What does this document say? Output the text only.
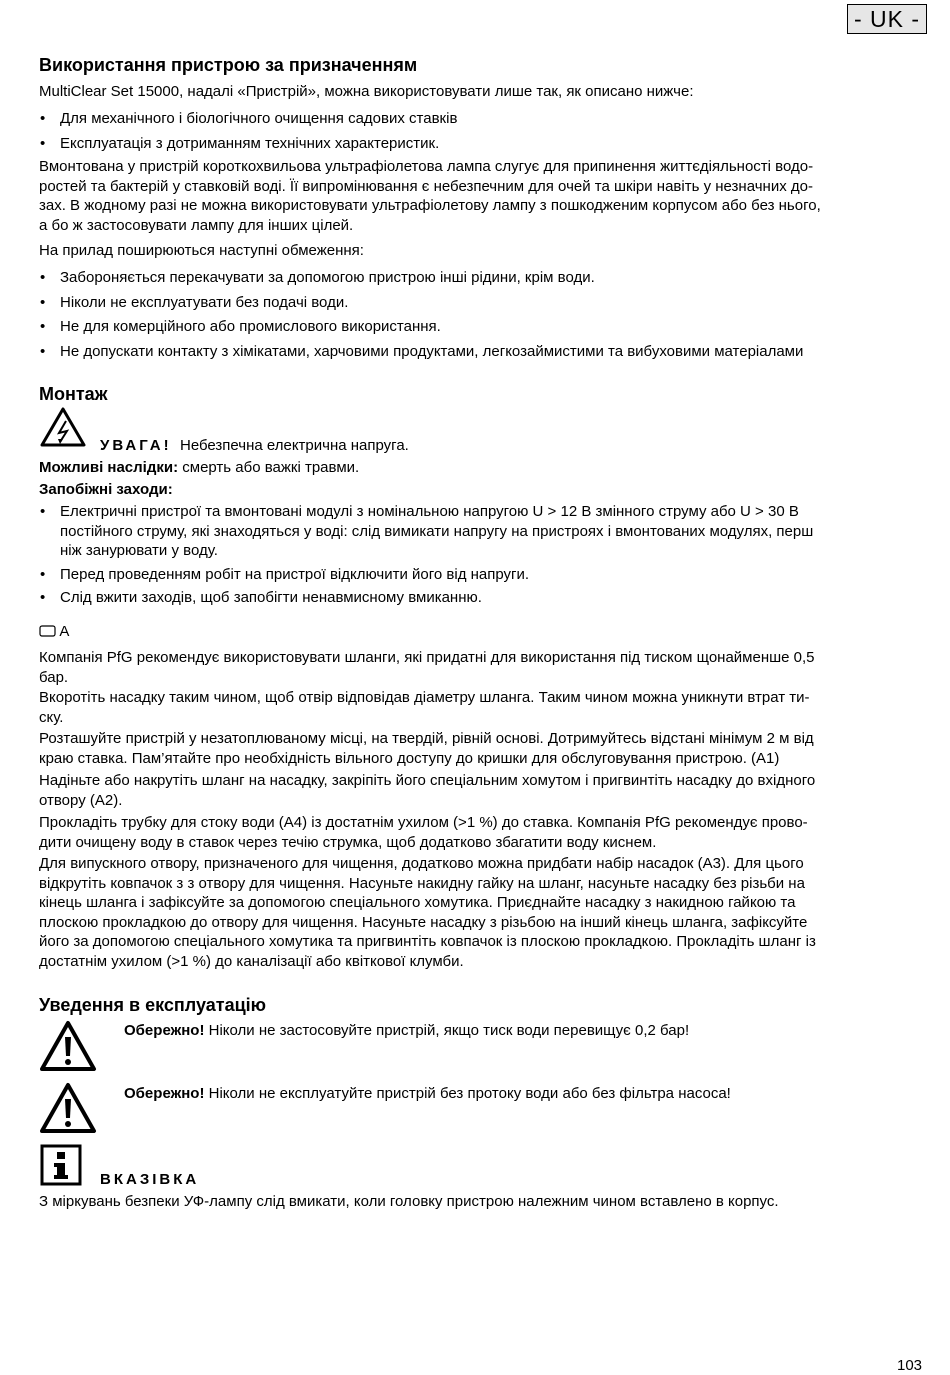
- UK -
Використання пристрою за призначенням

MultiClear Set 15000, надалі «Пристрій», можна використовувати лише так, як описано нижче:

• Для механічного і біологічного очищення садових ставків
• Експлуатація з дотриманням технічних характеристик.
Вмонтована у пристрій короткохвильова ультрафіолетова лампа слугує для припинення життєдіяльності водо-
ростей та бактерій у ставковій воді. Її випромінювання є небезпечним для очей та шкіри навіть у незначних до-
зах. В жодному разі не можна використовувати ультрафіолетову лампу з пошкодженим корпусом або без нього,
а бо ж застосовувати лампу для інших цілей.

На прилад поширюються наступні обмеження:

• Забороняється перекачувати за допомогою пристрою інші рідини, крім води.
• Ніколи не експлуатувати без подачі води.
• Не для комерційного або промислового використання.
• Не допускати контакту з хімікатами, харчовими продуктами, легкозаймистими та вибуховими матеріалами
Монтаж
УВАГА! Небезпечна електрична напруга.
Можливі наслідки: смерть або важкі травми.
Запобіжні заходи:
• Електричні пристрої та вмонтовані модулі з номінальною напругою U > 12 В змінного струму або U > 30 В
постійного струму, які знаходяться у воді: слід вимикати напругу на пристроях і вмонтованих модулях, перш
ніж занурювати у воду.
• Перед проведенням робіт на пристрої відключити його від напруги.
• Слід вжити заходів, щоб запобігти ненавмисному вмиканню.
A
Компанія PfG рекомендує використовувати шланги, які придатні для використання під тиском щонайменше 0,5
бар.
Вкоротіть насадку таким чином, щоб отвір відповідав діаметру шланга. Таким чином можна уникнути втрат ти-
ску.
Розташуйте пристрій у незатоплюваному місці, на твердій, рівній основі. Дотримуйтесь відстані мінімум 2 м від
краю ставка. Пам’ятайте про необхідність вільного доступу до кришки для обслуговування пристрою. (A1)
Надіньте або накрутіть шланг на насадку, закріпіть його спеціальним хомутом і пригвинтіть насадку до вхідного
отвору (A2).
Прокладіть трубку для стоку води (A4) із достатнім ухилом (>1 %) до ставка. Компанія PfG рекомендує прово-
дити очищену воду в ставок через течію струмка, щоб додатково збагатити воду киснем.
Для випускного отвору, призначеного для чищення, додатково можна придбати набір насадок (A3). Для цього
відкрутіть ковпачок з з отвору для чищення. Насуньте накидну гайку на шланг, насуньте насадку без різьби на
кінець шланга і зафіксуйте за допомогою спеціального хомутика. Приєднайте насадку з накидною гайкою та
плоскою прокладкою до отвору для чищення. Насуньте насадку з різьбою на інший кінець шланга, зафіксуйте
його за допомогою спеціального хомутика та пригвинтіть ковпачок із плоскою прокладкою. Прокладіть шланг із
достатнім ухилом (>1 %) до каналізації або квіткової клумби.
Уведення в експлуатацію
Обережно! Ніколи не застосовуйте пристрій, якщо тиск води перевищує 0,2 бар!
Обережно! Ніколи не експлуатуйте пристрій без протоку води або без фільтра насоса!
ВКАЗІВКА

З міркувань безпеки УФ-лампу слід вмикати, коли головку пристрою належним чином вставлено в корпус.

103
